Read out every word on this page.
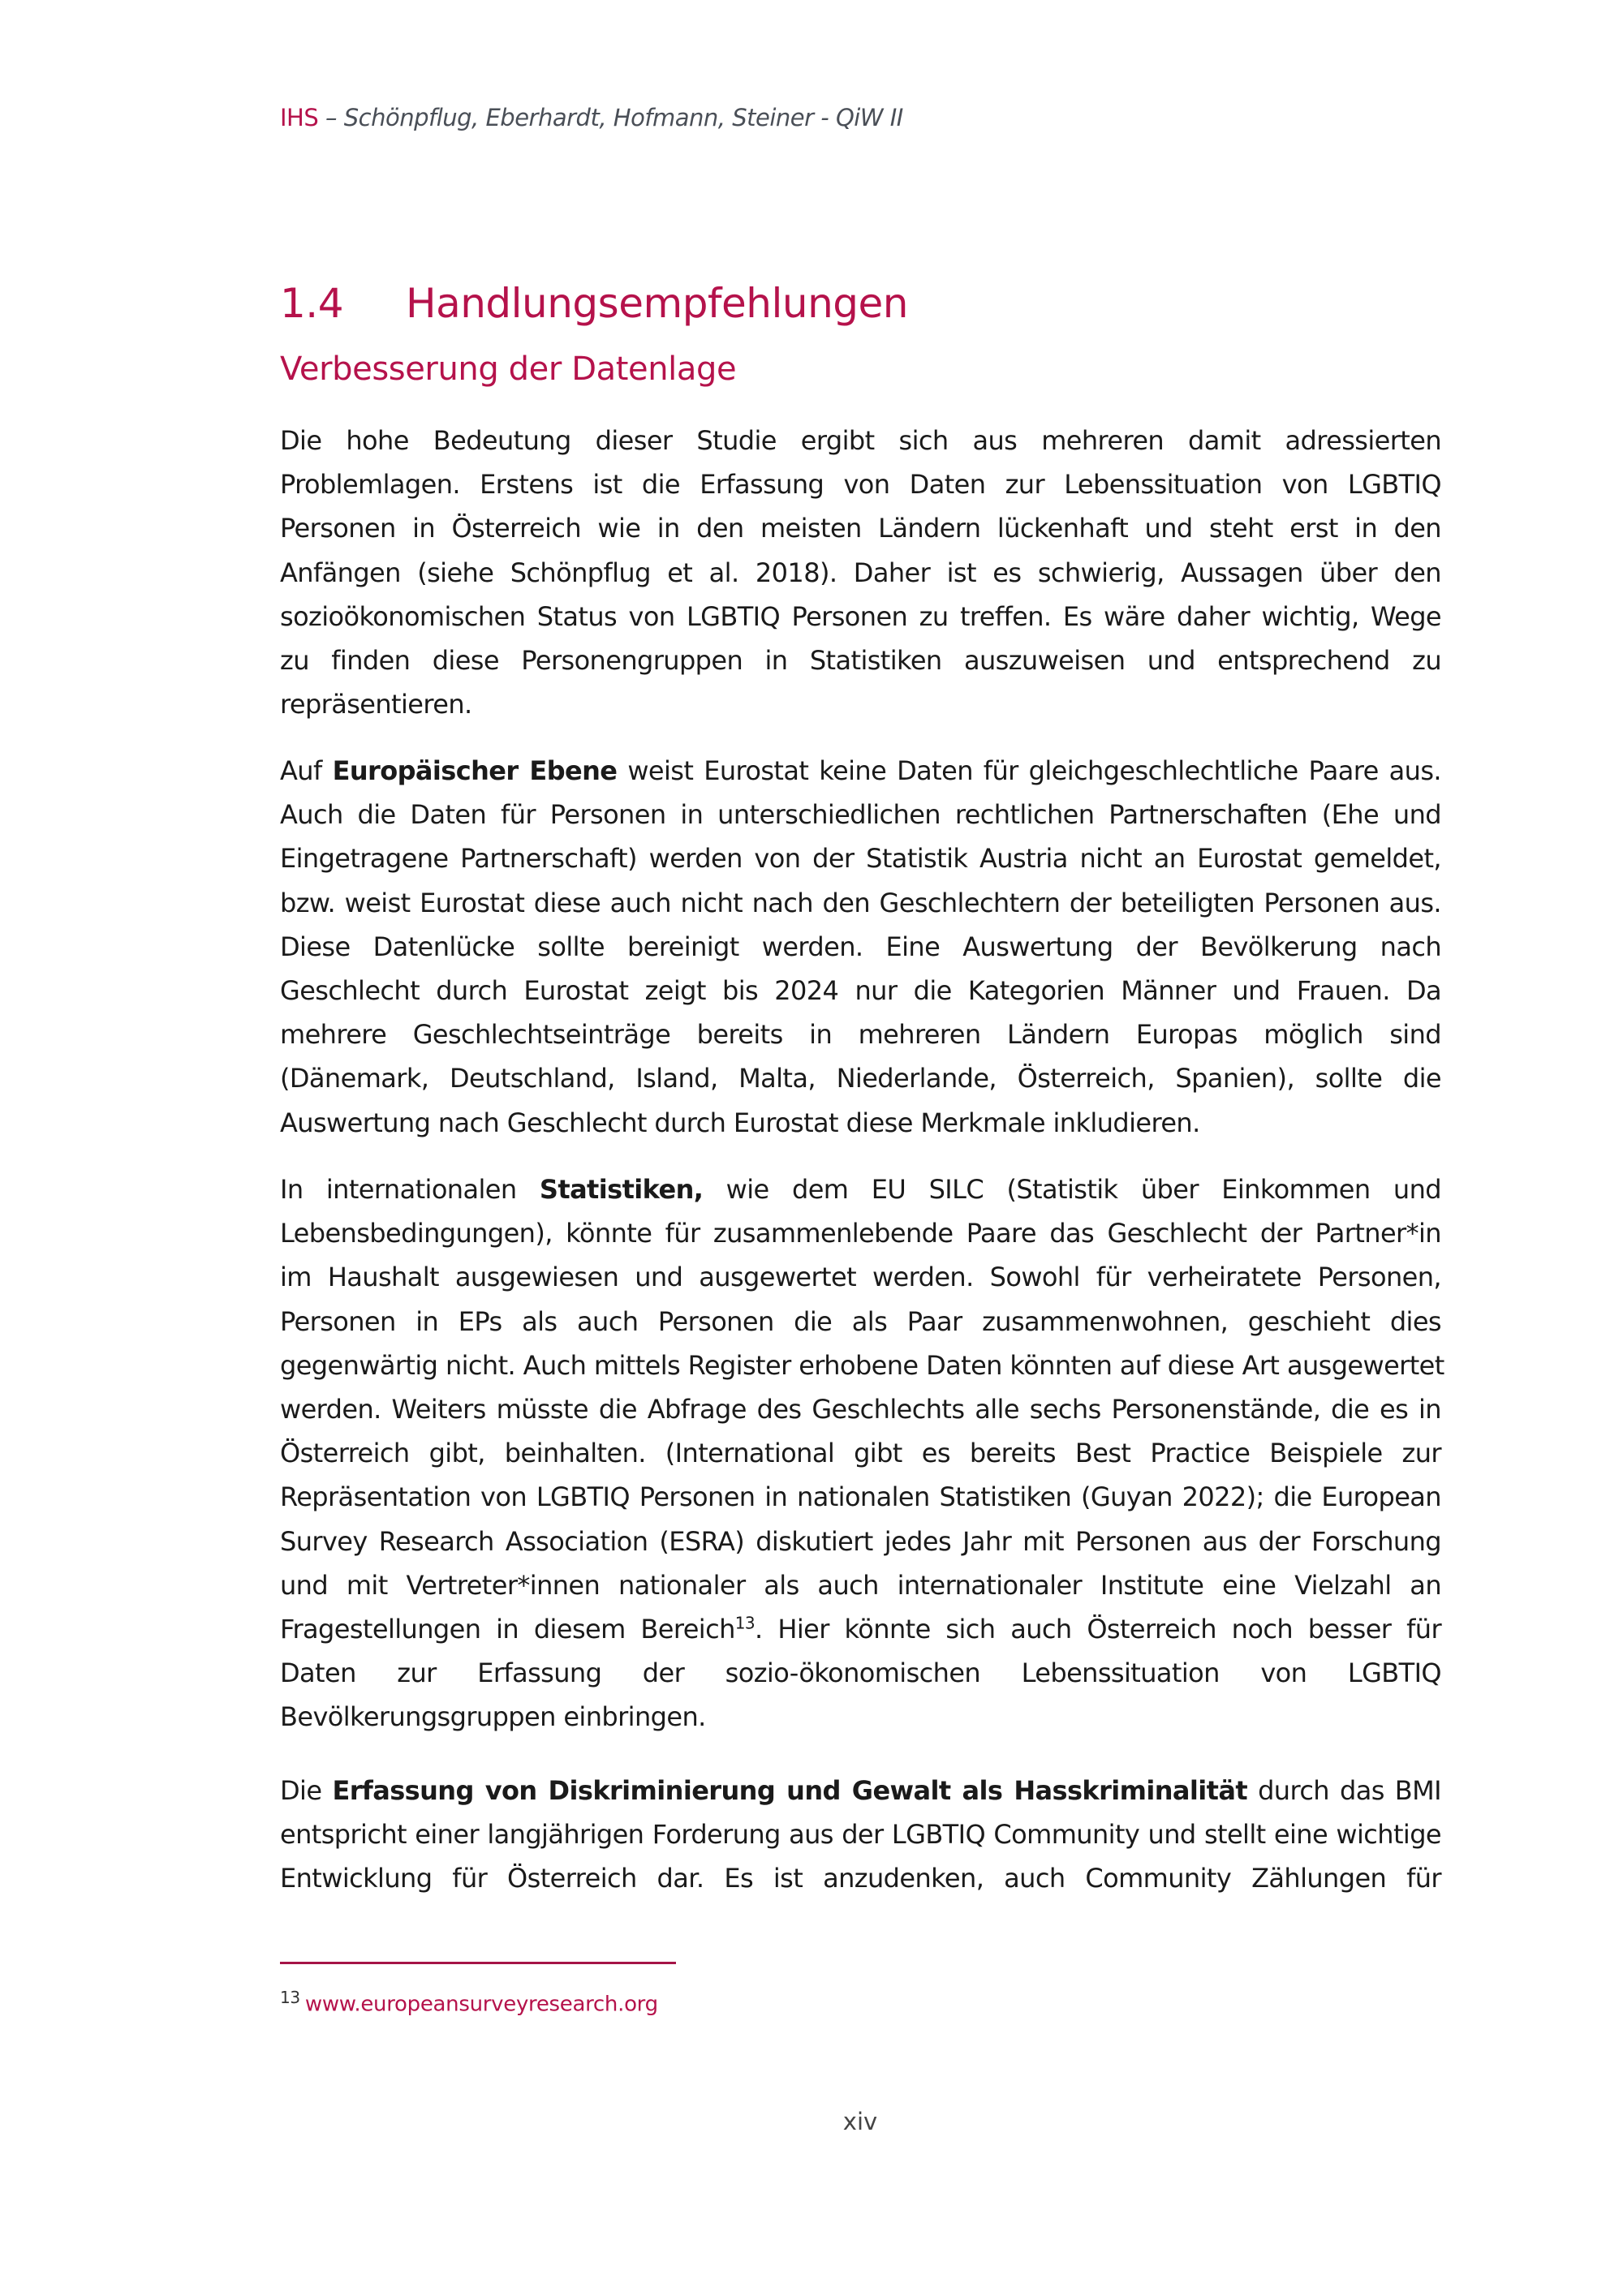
IHS – Schönpflug, Eberhardt, Hofmann, Steiner - QiW II
1.4 Handlungsempfehlungen
Verbesserung der Datenlage
Die hohe Bedeutung dieser Studie ergibt sich aus mehreren damit adressierten
Problemlagen. Erstens ist die Erfassung von Daten zur Lebenssituation von LGBTIQ
Personen in Österreich wie in den meisten Ländern lückenhaft und steht erst in den
Anfängen (siehe Schönpflug et al. 2018). Daher ist es schwierig, Aussagen über den
sozioökonomischen Status von LGBTIQ Personen zu treffen. Es wäre daher wichtig, Wege
zu finden diese Personengruppen in Statistiken auszuweisen und entsprechend zu
repräsentieren.
Auf Europäischer Ebene weist Eurostat keine Daten für gleichgeschlechtliche Paare aus.
Auch die Daten für Personen in unterschiedlichen rechtlichen Partnerschaften (Ehe und
Eingetragene Partnerschaft) werden von der Statistik Austria nicht an Eurostat gemeldet,
bzw. weist Eurostat diese auch nicht nach den Geschlechtern der beteiligten Personen aus.
Diese Datenlücke sollte bereinigt werden. Eine Auswertung der Bevölkerung nach
Geschlecht durch Eurostat zeigt bis 2024 nur die Kategorien Männer und Frauen. Da
mehrere Geschlechtseinträge bereits in mehreren Ländern Europas möglich sind
(Dänemark, Deutschland, Island, Malta, Niederlande, Österreich, Spanien), sollte die
Auswertung nach Geschlecht durch Eurostat diese Merkmale inkludieren.
In internationalen Statistiken, wie dem EU SILC (Statistik über Einkommen und
Lebensbedingungen), könnte für zusammenlebende Paare das Geschlecht der Partner*in
im Haushalt ausgewiesen und ausgewertet werden. Sowohl für verheiratete Personen,
Personen in EPs als auch Personen die als Paar zusammenwohnen, geschieht dies
gegenwärtig nicht. Auch mittels Register erhobene Daten könnten auf diese Art ausgewertet
werden. Weiters müsste die Abfrage des Geschlechts alle sechs Personenstände, die es in
Österreich gibt, beinhalten. (International gibt es bereits Best Practice Beispiele zur
Repräsentation von LGBTIQ Personen in nationalen Statistiken (Guyan 2022); die European
Survey Research Association (ESRA) diskutiert jedes Jahr mit Personen aus der Forschung
und mit Vertreter*innen nationaler als auch internationaler Institute eine Vielzahl an
Fragestellungen in diesem Bereich$^{13}$. Hier könnte sich auch Österreich noch besser für
Daten zur Erfassung der sozio-ökonomischen Lebenssituation von LGBTIQ
Bevölkerungsgruppen einbringen.
Die Erfassung von Diskriminierung und Gewalt als Hasskriminalität durch das BMI
entspricht einer langjährigen Forderung aus der LGBTIQ Community und stellt eine wichtige
Entwicklung für Österreich dar. Es ist anzudenken, auch Community Zählungen für
$^{13}$ www.europeansurveyresearch.org
xiv
